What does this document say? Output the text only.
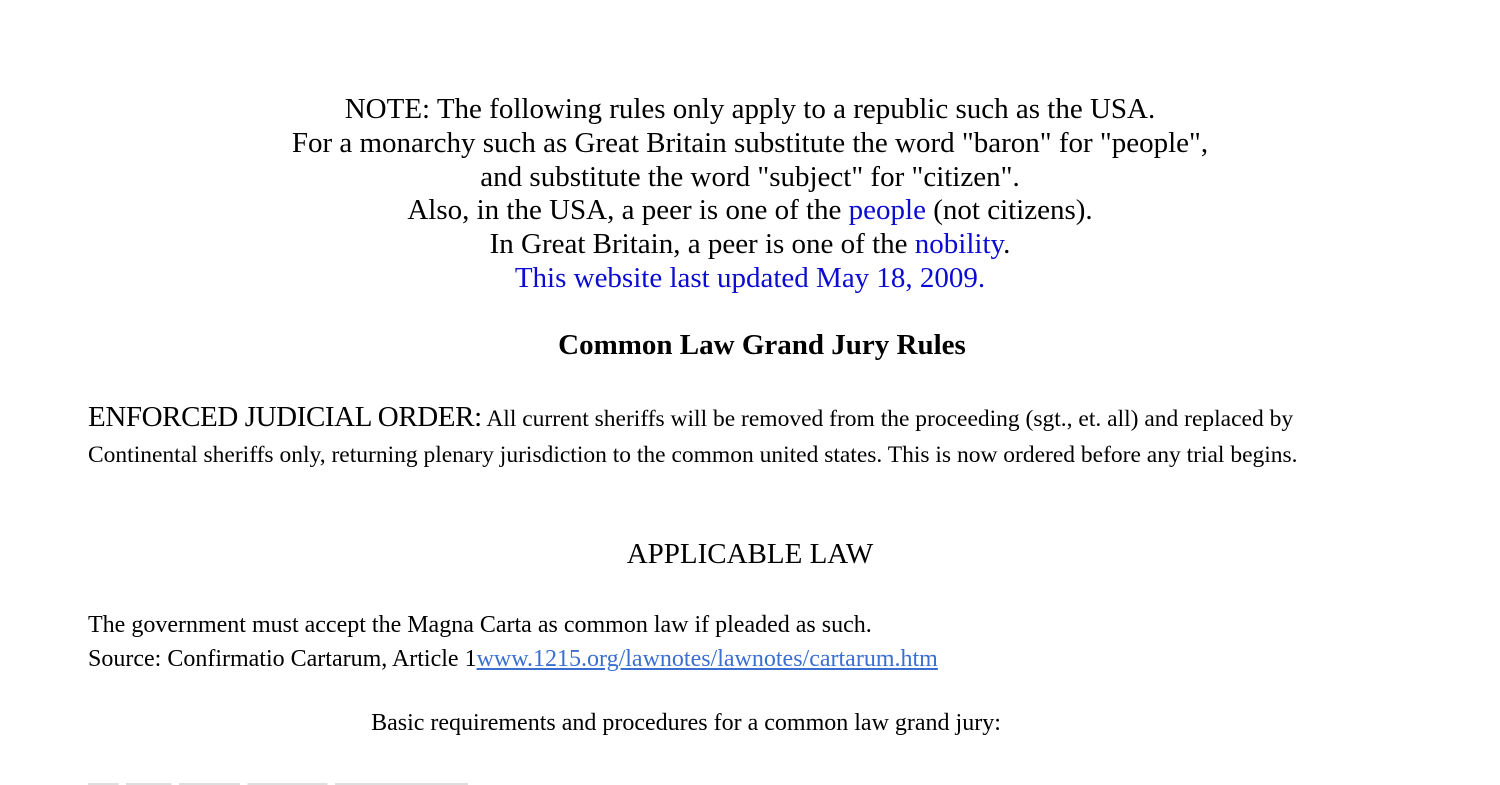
NOTE: The following rules only apply to a republic such as the USA.
For a monarchy such as Great Britain substitute the word "baron" for "people",
and substitute the word "subject" for "citizen".
Also, in the USA, a peer is one of the people (not citizens).
In Great Britain, a peer is one of the nobility.
This website last updated May 18, 2009.
Common Law Grand Jury Rules
ENFORCED JUDICIAL ORDER: All current sheriffs will be removed from the proceeding (sgt., et. all) and replaced by
Continental sheriffs only, returning plenary jurisdiction to the common united states. This is now ordered before any trial begins.
APPLICABLE LAW
The government must accept the Magna Carta as common law if pleaded as such.
Source: Confirmatio Cartarum, Article 1www.1215.org/lawnotes/lawnotes/cartarum.htm
Basic requirements and procedures for a common law grand jury:
